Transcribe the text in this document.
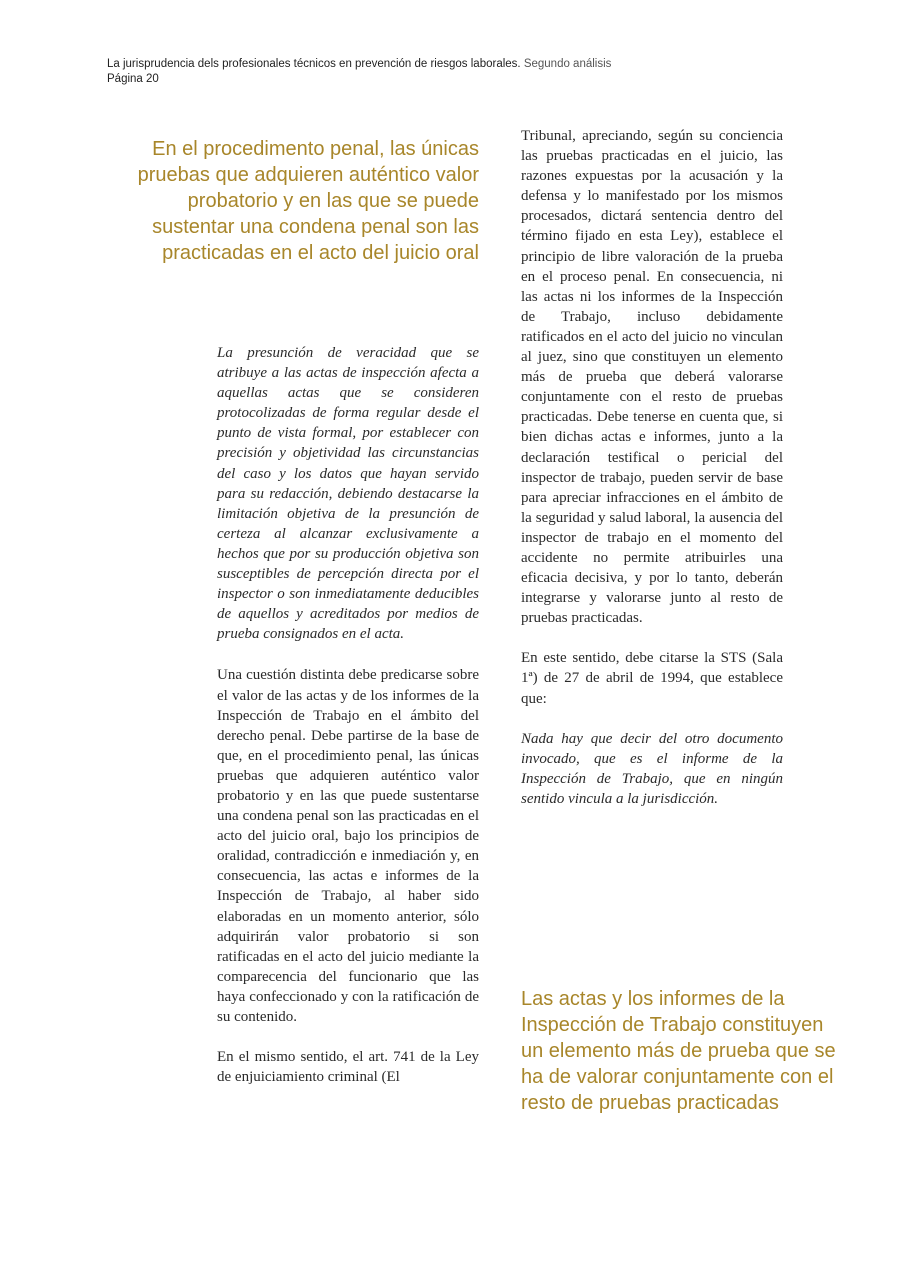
La jurisprudencia dels profesionales técnicos en prevención de riesgos laborales. Segundo análisis
Página 20
En el procedimento penal, las únicas pruebas que adquieren auténtico valor probatorio y en las que se puede sustentar una condena penal son las practicadas en el acto del juicio oral

La presunción de veracidad que se atribuye a las actas de inspección afecta a aquellas actas que se consideren protocolizadas de forma regular desde el punto de vista formal, por establecer con precisión y objetividad las circunstancias del caso y los datos que hayan servido para su redacción, debiendo destacarse la limitación objetiva de la presunción de certeza al alcanzar exclusivamente a hechos que por su producción objetiva son susceptibles de percepción directa por el inspector o son inmediatamente deducibles de aquellos y acreditados por medios de prueba consignados en el acta.

Una cuestión distinta debe predicarse sobre el valor de las actas y de los informes de la Inspección de Trabajo en el ámbito del derecho penal. Debe partirse de la base de que, en el procedimiento penal, las únicas pruebas que adquieren auténtico valor probatorio y en las que puede sustentarse una condena penal son las practicadas en el acto del juicio oral, bajo los principios de oralidad, contradicción e inmediación y, en consecuencia, las actas e informes de la Inspección de Trabajo, al haber sido elaboradas en un momento anterior, sólo adquirirán valor probatorio si son ratificadas en el acto del juicio mediante la comparecencia del funcionario que las haya confeccionado y con la ratificación de su contenido.

En el mismo sentido, el art. 741 de la Ley de enjuiciamiento criminal (El

Tribunal, apreciando, según su conciencia las pruebas practicadas en el juicio, las razones expuestas por la acusación y la defensa y lo manifestado por los mismos procesados, dictará sentencia dentro del término fijado en esta Ley), establece el principio de libre valoración de la prueba en el proceso penal. En consecuencia, ni las actas ni los informes de la Inspección de Trabajo, incluso debidamente ratificados en el acto del juicio no vinculan al juez, sino que constituyen un elemento más de prueba que deberá valorarse conjuntamente con el resto de pruebas practicadas. Debe tenerse en cuenta que, si bien dichas actas e informes, junto a la declaración testifical o pericial del inspector de trabajo, pueden servir de base para apreciar infracciones en el ámbito de la seguridad y salud laboral, la ausencia del inspector de trabajo en el momento del accidente no permite atribuirles una eficacia decisiva, y por lo tanto, deberán integrarse y valorarse junto al resto de pruebas practicadas.

En este sentido, debe citarse la STS (Sala 1ª) de 27 de abril de 1994, que establece que:

Nada hay que decir del otro documento invocado, que es el informe de la Inspección de Trabajo, que en ningún sentido vincula a la jurisdicción.

Las actas y los informes de la Inspección de Trabajo constituyen un elemento más de prueba que se ha de valorar conjuntamente con el resto de pruebas practicadas
